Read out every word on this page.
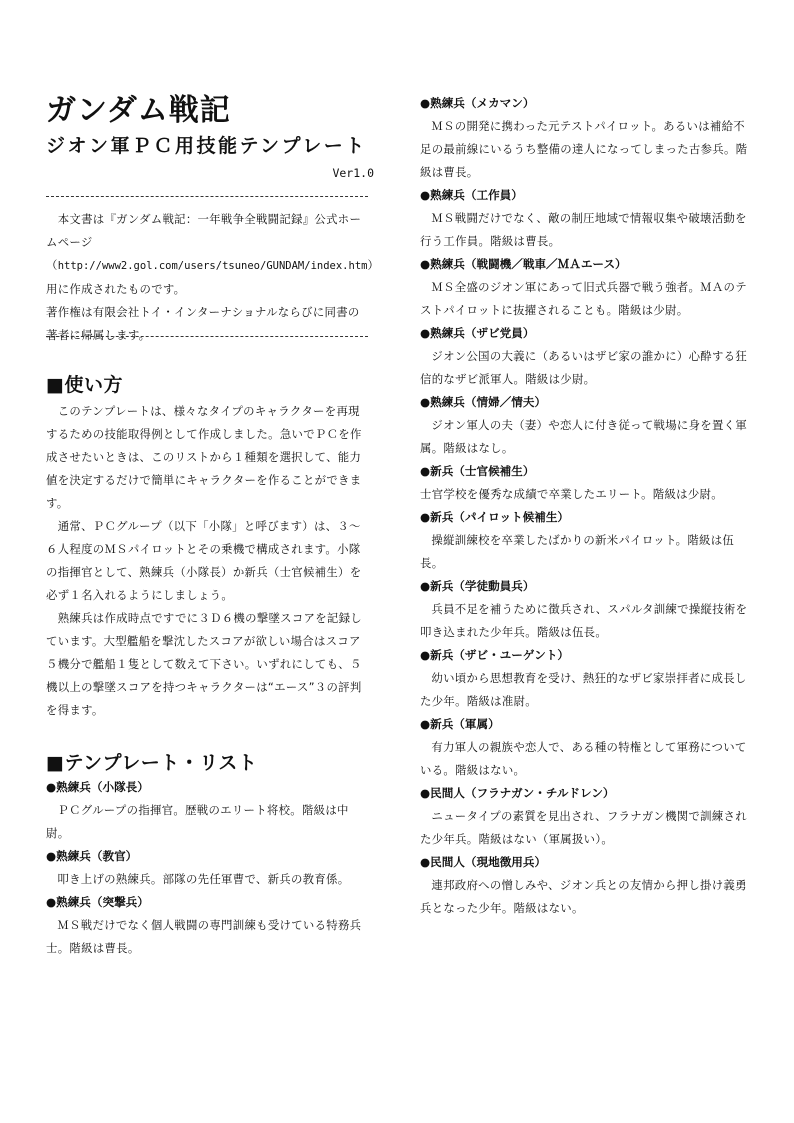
ガンダム戦記
ジオン軍ＰＣ用技能テンプレート
Ver1.0

　本文書は『ガンダム戦記：一年戦争全戦闘記録』公式ホームページ（http://www2.gol.com/users/tsuneo/GUNDAM/index.htm）用に作成されたものです。

著作権は有限会社トイ・インターナショナルならびに同書の著者に帰属します。

■使い方

　このテンプレートは、様々なタイプのキャラクターを再現するための技能取得例として作成しました。急いでＰＣを作成させたいときは、このリストから１種類を選択して、能力値を決定するだけで簡単にキャラクターを作ることができます。

　通常、ＰＣグループ（以下「小隊」と呼びます）は、３～６人程度のＭＳパイロットとその乗機で構成されます。小隊の指揮官として、熟練兵（小隊長）か新兵（士官候補生）を必ず１名入れるようにしましょう。

　熟練兵は作成時点ですでに３Ｄ６機の撃墜スコアを記録しています。大型艦船を撃沈したスコアが欲しい場合はスコア５機分で艦船１隻として数えて下さい。いずれにしても、５機以上の撃墜スコアを持つキャラクターは“エース”３の評判を得ます。

■テンプレート・リスト
●熟練兵（小隊長）

ＰＣグループの指揮官。歴戦のエリート将校。階級は中尉。

●熟練兵（教官）

叩き上げの熟練兵。部隊の先任軍曹で、新兵の教育係。

●熟練兵（突撃兵）

ＭＳ戦だけでなく個人戦闘の専門訓練も受けている特務兵士。階級は曹長。

●熟練兵（メカマン）

ＭＳの開発に携わった元テストパイロット。あるいは補給不足の最前線にいるうち整備の達人になってしまった古参兵。階級は曹長。

●熟練兵（工作員）

ＭＳ戦闘だけでなく、敵の制圧地域で情報収集や破壊活動を行う工作員。階級は曹長。

●熟練兵（戦闘機／戦車／ＭＡエース）

ＭＳ全盛のジオン軍にあって旧式兵器で戦う強者。ＭＡのテストパイロットに抜擢されることも。階級は少尉。

●熟練兵（ザビ党員）

ジオン公国の大義に（あるいはザビ家の誰かに）心酔する狂信的なザビ派軍人。階級は少尉。

●熟練兵（情婦／情夫）

ジオン軍人の夫（妻）や恋人に付き従って戦場に身を置く軍属。階級はなし。

●新兵（士官候補生）

士官学校を優秀な成績で卒業したエリート。階級は少尉。

●新兵（パイロット候補生）

操縦訓練校を卒業したばかりの新米パイロット。階級は伍長。

●新兵（学徒動員兵）

兵員不足を補うために徴兵され、スパルタ訓練で操縦技術を叩き込まれた少年兵。階級は伍長。

●新兵（ザビ・ユーゲント）

幼い頃から思想教育を受け、熱狂的なザビ家崇拝者に成長した少年。階級は准尉。

●新兵（軍属）

有力軍人の親族や恋人で、ある種の特権として軍務についている。階級はない。

●民間人（フラナガン・チルドレン）

ニュータイプの素質を見出され、フラナガン機関で訓練された少年兵。階級はない（軍属扱い）。

●民間人（現地徴用兵）

連邦政府への憎しみや、ジオン兵との友情から押し掛け義勇兵となった少年。階級はない。
